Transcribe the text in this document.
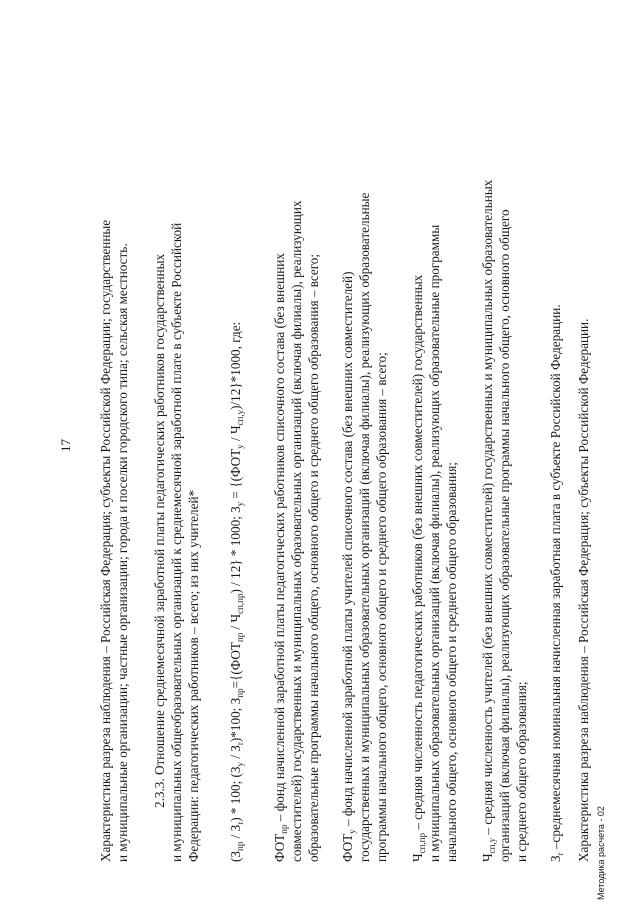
17 Характеристика разреза наблюдения – Российская Федерация; субъекты Российской Федерации; государственные и муниципальные организации; частные организации; города и поселки городского типа; сельская местность. 2.3.3. Отношение среднемесячной заработной платы педагогических работников государственных и муниципальных общеобразовательных организаций к среднемесячной заработной плате в субъекте Российской Федерации: педагогических работников – всего; из них учителей* $(З_{пр} / З_r) * 100$; $(З_y / З_r)*100$; $З_{пр}=\{(ФОТ_{пр} / Ч_{сп,пр}) / 12\} * 1000$; $З_y = \{(ФОТ_y / Ч_{сп,у})/12\}*1000$, где:
$ФОТ_{пр}$ – фонд начисленной заработной платы педагогических работников списочного состава (без внешних совместителей) государственных и муниципальных образовательных организаций (включая филиалы), реализующих образовательные программы начального общего, основного общего и среднего общего образования – всего; $ФОТ_y$ – фонд начисленной заработной платы учителей списочного состава (без внешних совместителей) государственных и муниципальных образовательных организаций (включая филиалы), реализующих образовательные программы начального общего, основного общего и среднего общего образования – всего; $Ч_{сп,пр}$ – средняя численность педагогических работников (без внешних совместителей) государственных и муниципальных образовательных организаций (включая филиалы), реализующих образовательные программы начального общего, основного общего и среднего общего образования; $Ч_{сп,у}$ – средняя численность учителей (без внешних совместителей) государственных и муниципальных образовательных организаций (включая филиалы), реализующих образовательные программы начального общего, основного общего и среднего общего образования; $З_r$ –среднемесячная номинальная начисленная заработная плата в субъекте Российской Федерации. Характеристика разреза наблюдения – Российская Федерация; субъекты Российской Федерации. Методика расчета - 02
